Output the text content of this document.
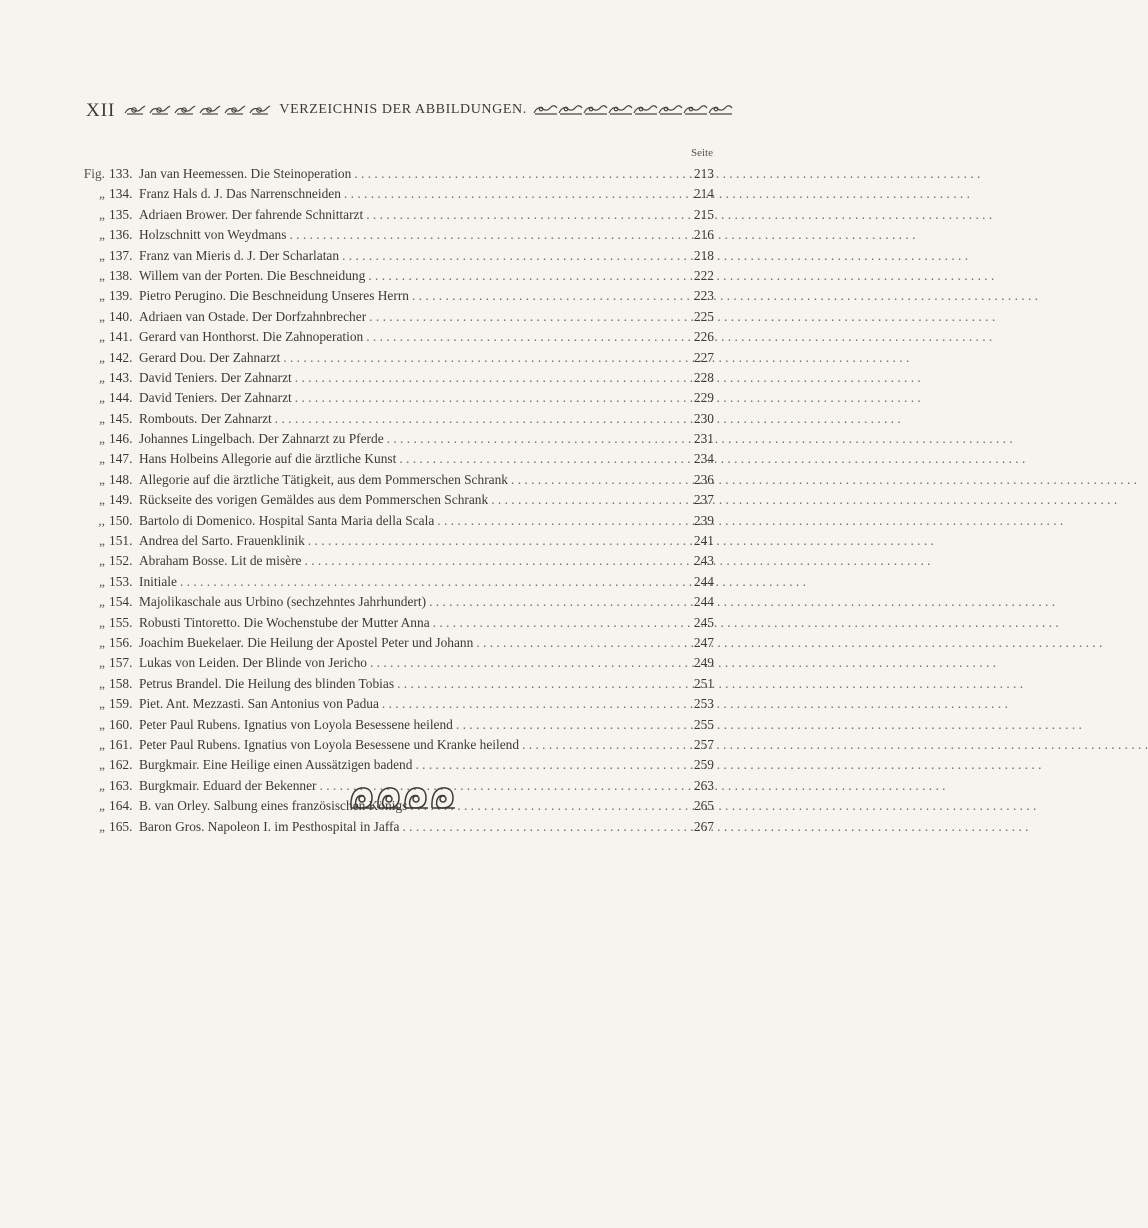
XII	VERZEICHNIS DER ABBILDUNGEN.
Seite
Fig. 133. Jan van Heemessen. Die Steinoperation . . .	213
„ 134. Franz Hals d. J. Das Narrenschneiden . . .	214
„ 135. Adriaen Brower. Der fahrende Schnittarzt . . .	215
„ 136. Holzschnitt von Weydmans . . .	216
„ 137. Franz van Mieris d. J. Der Scharlatan . . .	218
„ 138. Willem van der Porten. Die Beschneidung . . .	222
„ 139. Pietro Perugino. Die Beschneidung Unseres Herrn . . .	223
„ 140. Adriaen van Ostade. Der Dorfzahnbrecher . . .	225
„ 141. Gerard van Honthorst. Die Zahnoperation . . .	226
„ 142. Gerard Dou. Der Zahnarzt . . .	227
„ 143. David Teniers. Der Zahnarzt . . .	228
„ 144. David Teniers. Der Zahnarzt . . .	229
„ 145. Rombouts. Der Zahnarzt . . .	230
„ 146. Johannes Lingelbach. Der Zahnarzt zu Pferde . . .	231
„ 147. Hans Holbeins Allegorie auf die ärztliche Kunst . . .	234
„ 148. Allegorie auf die ärztliche Tätigkeit, aus dem Pommerschen Schrank . . .	236
„ 149. Rückseite des vorigen Gemäldes aus dem Pommerschen Schrank . . .	237
,, 150. Bartolo di Domenico. Hospital Santa Maria della Scala . . .	239
„ 151. Andrea del Sarto. Frauenklinik . . .	241
„ 152. Abraham Bosse. Lit de misère . . .	243
„ 153. Initiale . . .	244
„ 154. Majolikaschale aus Urbino (sechzehntes Jahrhundert) . . .	244
„ 155. Robusti Tintoretto. Die Wochenstube der Mutter Anna . . .	245
„ 156. Joachim Buekelaer. Die Heilung der Apostel Peter und Johann . . .	247
„ 157. Lukas von Leiden. Der Blinde von Jericho . . .	249
„ 158. Petrus Brandel. Die Heilung des blinden Tobias . . .	251
„ 159. Piet. Ant. Mezzasti. San Antonius von Padua . . .	253
„ 160. Peter Paul Rubens. Ignatius von Loyola Besessene heilend . . .	255
„ 161. Peter Paul Rubens. Ignatius von Loyola Besessene und Kranke heilend . . .	257
„ 162. Burgkmair. Eine Heilige einen Aussätzigen badend . . .	259
„ 163. Burgkmair. Eduard der Bekenner . . .	263
„ 164. B. van Orley. Salbung eines französischen Königs . . .	265
„ 165. Baron Gros. Napoleon I. im Pesthospital in Jaffa . . .	267
